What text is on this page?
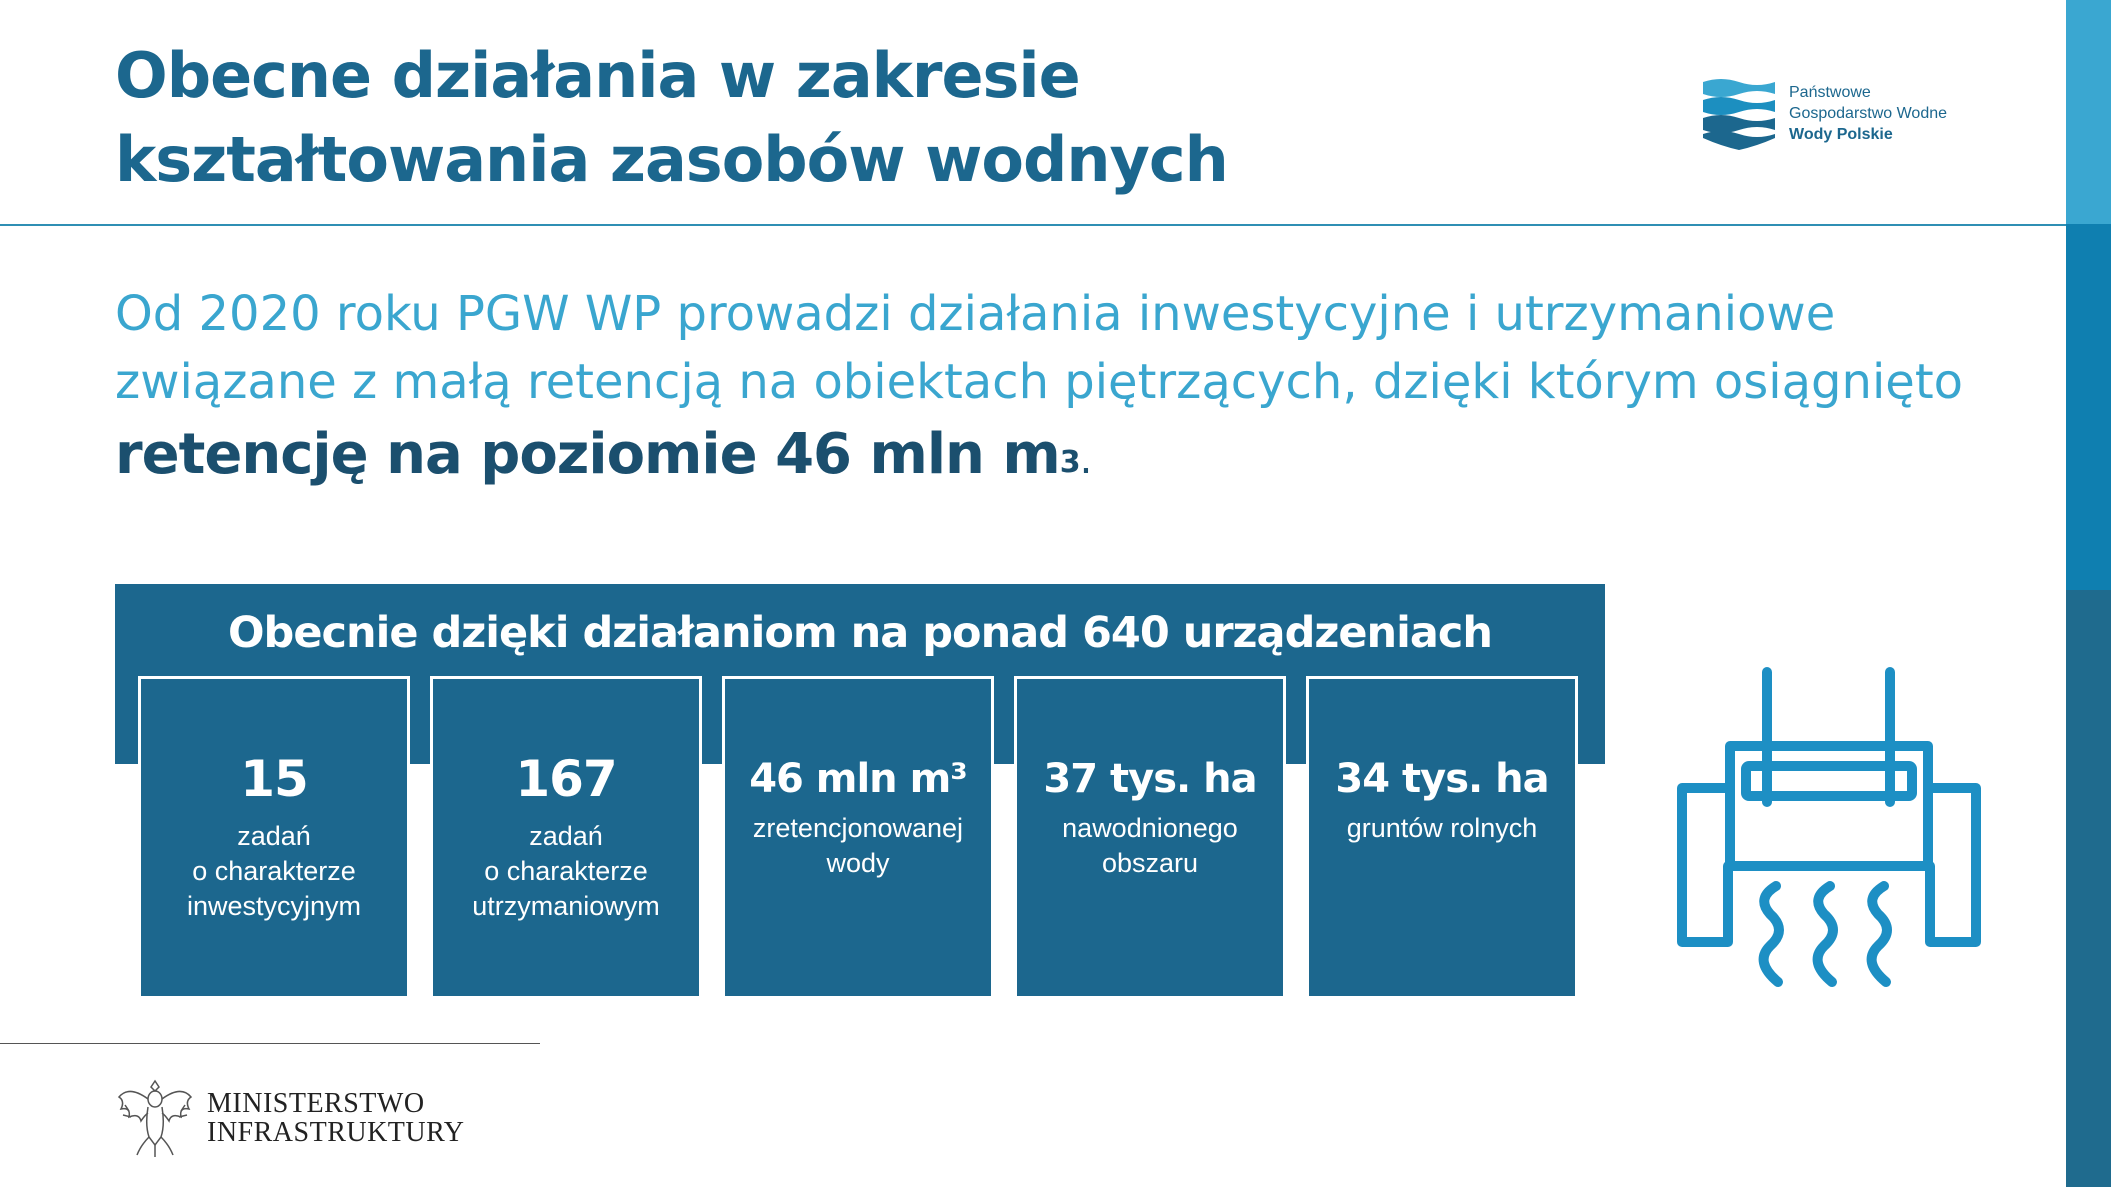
Obecne działania w zakresie
kształtowania zasobów wodnych
Państwowe
Gospodarstwo Wodne
Wody Polskie

Od 2020 roku PGW WP prowadzi działania inwestycyjne i utrzymaniowe
związane z małą retencją na obiektach piętrzących, dzięki którym osiągnięto
retencję na poziomie 46 mln $m^3$.

Obecnie dzięki działaniom na ponad 640 urządzeniach
15
zadań
o charakterze
inwestycyjnym
167
zadań
o charakterze
utrzymaniowym
46 mln m³
zretencjonowanej
wody
37 tys. ha
nawodnionego
obszaru
34 tys. ha
gruntów rolnych
MINISTERSTWO
INFRASTRUKTURY
